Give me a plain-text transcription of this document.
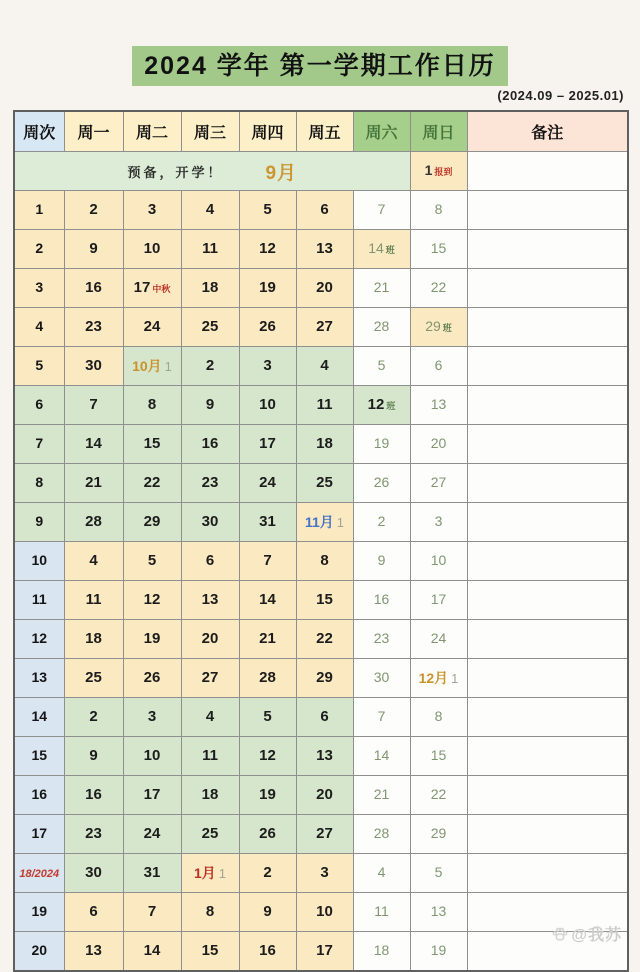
2024 学年 第一学期工作日历
(2024.09 – 2025.01)
周次	周一	周二	周三	周四	周五	周六	周日	备注

预备，开学！ 9月							1 报到	
1	2	3	4	5	6	7	8	
2	9	10	11	12	13	14 班	15	
3	16	17 中秋	18	19	20	21	22	
4	23	24	25	26	27	28	29 班	
5	30	10月 1	2	3	4	5	6	
6	7	8	9	10	11	12 班	13	
7	14	15	16	17	18	19	20	
8	21	22	23	24	25	26	27	
9	28	29	30	31	11月 1	2	3	
10	4	5	6	7	8	9	10	
11	11	12	13	14	15	16	17	
12	18	19	20	21	22	23	24	
13	25	26	27	28	29	30	12月 1	
14	2	3	4	5	6	7	8	
15	9	10	11	12	13	14	15	
16	16	17	18	19	20	21	22	
17	23	24	25	26	27	28	29	
18/2024	30	31	1月 1	2	3	4	5	
19	6	7	8	9	10	11	13	
20	13	14	15	16	17	18	19	
@我苏
